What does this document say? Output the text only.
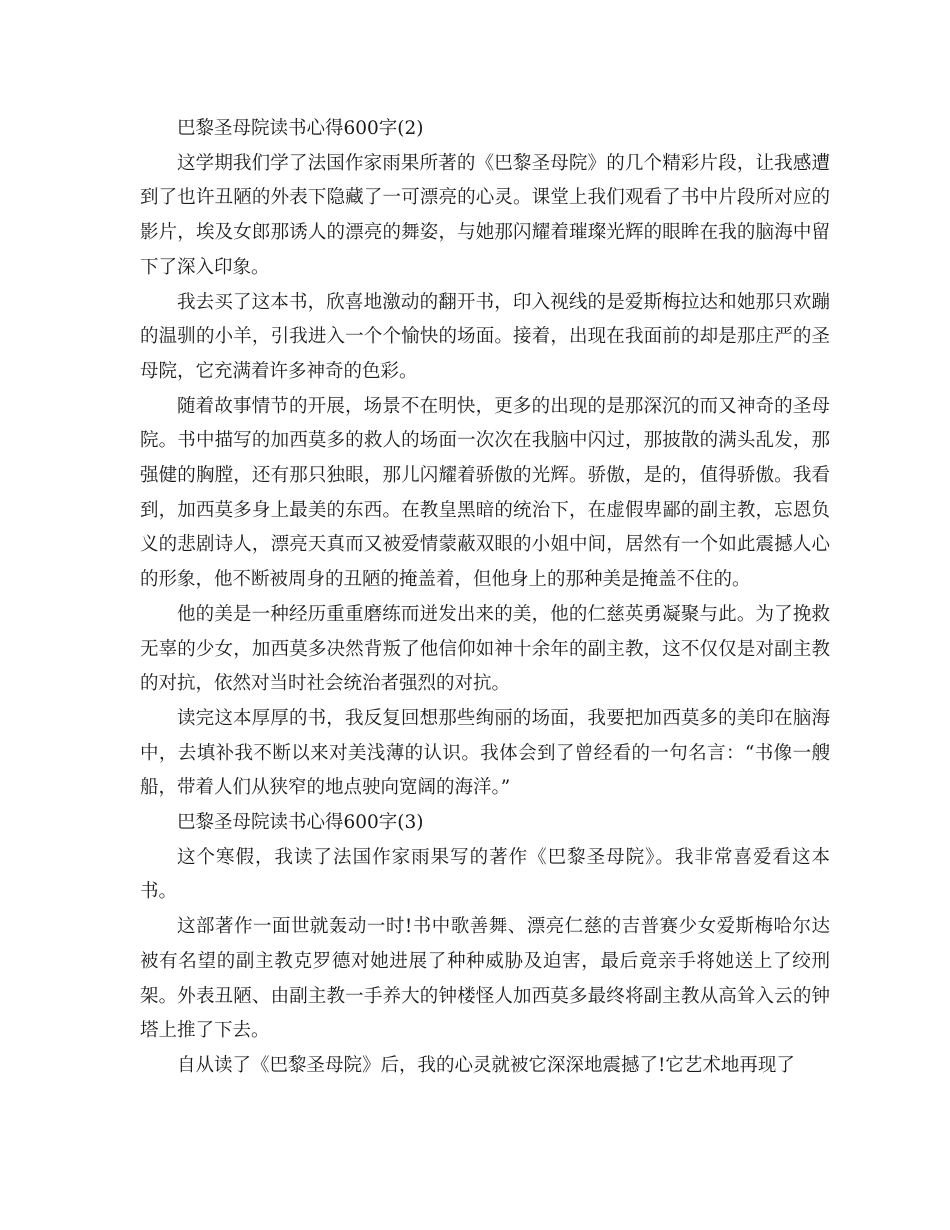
巴黎圣母院读书心得600字(2)

这学期我们学了法国作家雨果所著的《巴黎圣母院》的几个精彩片段，让我感遭到了也许丑陋的外表下隐藏了一可漂亮的心灵。课堂上我们观看了书中片段所对应的影片，埃及女郎那诱人的漂亮的舞姿，与她那闪耀着璀璨光辉的眼眸在我的脑海中留下了深入印象。

我去买了这本书，欣喜地激动的翻开书，印入视线的是爱斯梅拉达和她那只欢蹦的温驯的小羊，引我进入一个个愉快的场面。接着，出现在我面前的却是那庄严的圣母院，它充满着许多神奇的色彩。

随着故事情节的开展，场景不在明快，更多的出现的是那深沉的而又神奇的圣母院。书中描写的加西莫多的救人的场面一次次在我脑中闪过，那披散的满头乱发，那强健的胸膛，还有那只独眼，那儿闪耀着骄傲的光辉。骄傲，是的，值得骄傲。我看到，加西莫多身上最美的东西。在教皇黑暗的统治下，在虚假卑鄙的副主教，忘恩负义的悲剧诗人，漂亮天真而又被爱情蒙蔽双眼的小姐中间，居然有一个如此震撼人心的形象，他不断被周身的丑陋的掩盖着，但他身上的那种美是掩盖不住的。

他的美是一种经历重重磨练而迸发出来的美，他的仁慈英勇凝聚与此。为了挽救无辜的少女，加西莫多决然背叛了他信仰如神十余年的副主教，这不仅仅是对副主教的对抗，依然对当时社会统治者强烈的对抗。

读完这本厚厚的书，我反复回想那些绚丽的场面，我要把加西莫多的美印在脑海中，去填补我不断以来对美浅薄的认识。我体会到了曾经看的一句名言：“书像一艘船，带着人们从狭窄的地点驶向宽阔的海洋。”

巴黎圣母院读书心得600字(3)

这个寒假，我读了法国作家雨果写的著作《巴黎圣母院》。我非常喜爱看这本书。

这部著作一面世就轰动一时!书中歌善舞、漂亮仁慈的吉普赛少女爱斯梅哈尔达被有名望的副主教克罗德对她进展了种种威胁及迫害，最后竟亲手将她送上了绞刑架。外表丑陋、由副主教一手养大的钟楼怪人加西莫多最终将副主教从高耸入云的钟塔上推了下去。

自从读了《巴黎圣母院》后，我的心灵就被它深深地震撼了!它艺术地再现了
